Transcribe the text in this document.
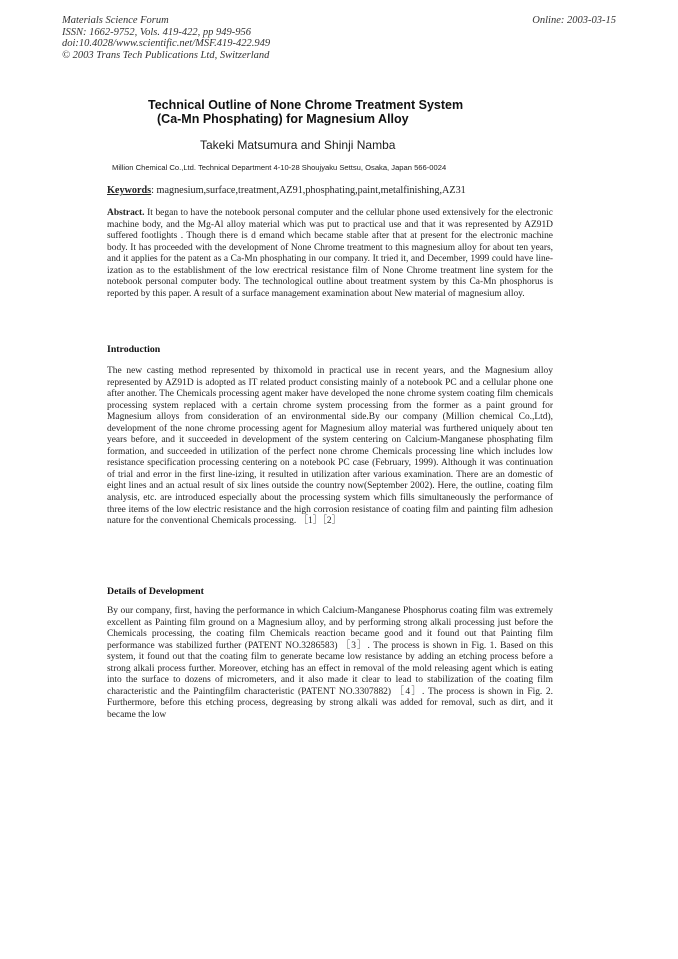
Materials Science Forum
ISSN: 1662-9752, Vols. 419-422, pp 949-956
doi:10.4028/www.scientific.net/MSF.419-422.949
© 2003 Trans Tech Publications Ltd, Switzerland
Online: 2003-03-15
Technical Outline of None Chrome Treatment System
(Ca-Mn Phosphating) for Magnesium Alloy
Takeki Matsumura and Shinji Namba
Million Chemical Co.,Ltd. Technical Department 4-10-28 Shoujyaku Settsu, Osaka, Japan 566-0024
Keywords: magnesium,surface,treatment,AZ91,phosphating,paint,metalfinishing,AZ31
Abstract. It began to have the notebook personal computer and the cellular phone used extensively for the electronic machine body, and the Mg-Al alloy material which was put to practical use and that it was represented by AZ91D suffered footlights . Though there is d emand which became stable after that at present for the electronic machine body. It has proceeded with the development of None Chrome treatment to this magnesium alloy for about ten years, and it applies for the patent as a Ca-Mn phosphating in our company. It tried it, and December, 1999 could have line-ization as to the establishment of the low erectrical resistance film of None Chrome treatment line system for the notebook personal computer body. The technological outline about treatment system by this Ca-Mn phosphorus is reported by this paper. A result of a surface management examination about New material of magnesium alloy.
Introduction
The new casting method represented by thixomold in practical use in recent years, and the Magnesium alloy represented by AZ91D is adopted as IT related product consisting mainly of a notebook PC and a cellular phone one after another. The Chemicals processing agent maker have developed the none chrome system coating film chemicals processing system replaced with a certain chrome system processing from the former as a paint ground for Magnesium alloys from consideration of an environmental side.By our company (Million chemical Co.,Ltd), development of the none chrome processing agent for Magnesium alloy material was furthered uniquely about ten years before, and it succeeded in development of the system centering on Calcium-Manganese phosphating film formation, and succeeded in utilization of the perfect none chrome Chemicals processing line which includes low resistance specification processing centering on a notebook PC case (February, 1999). Although it was continuation of trial and error in the first line-izing, it resulted in utilization after various examination. There are an domestic of eight lines and an actual result of six lines outside the country now(September 2002). Here, the outline, coating film analysis, etc. are introduced especially about the processing system which fills simultaneously the performance of three items of the low electric resistance and the high corrosion resistance of coating film and painting film adhesion nature for the conventional Chemicals processing. ［1］［2］
Details of Development
By our company, first, having the performance in which Calcium-Manganese Phosphorus coating film was extremely excellent as Painting film ground on a Magnesium alloy, and by performing strong alkali processing just before the Chemicals processing, the coating film Chemicals reaction became good and it found out that Painting film performance was stabilized further (PATENT NO.3286583) ［3］. The process is shown in Fig. 1. Based on this system, it found out that the coating film to generate became low resistance by adding an etching process before a strong alkali process further. Moreover, etching has an effect in removal of the mold releasing agent which is eating into the surface to dozens of micrometers, and it also made it clear to lead to stabilization of the coating film characteristic and the Paintingfilm characteristic (PATENT NO.3307882) ［4］. The process is shown in Fig. 2. Furthermore, before this etching process, degreasing by strong alkali was added for removal, such as dirt, and it became the low
